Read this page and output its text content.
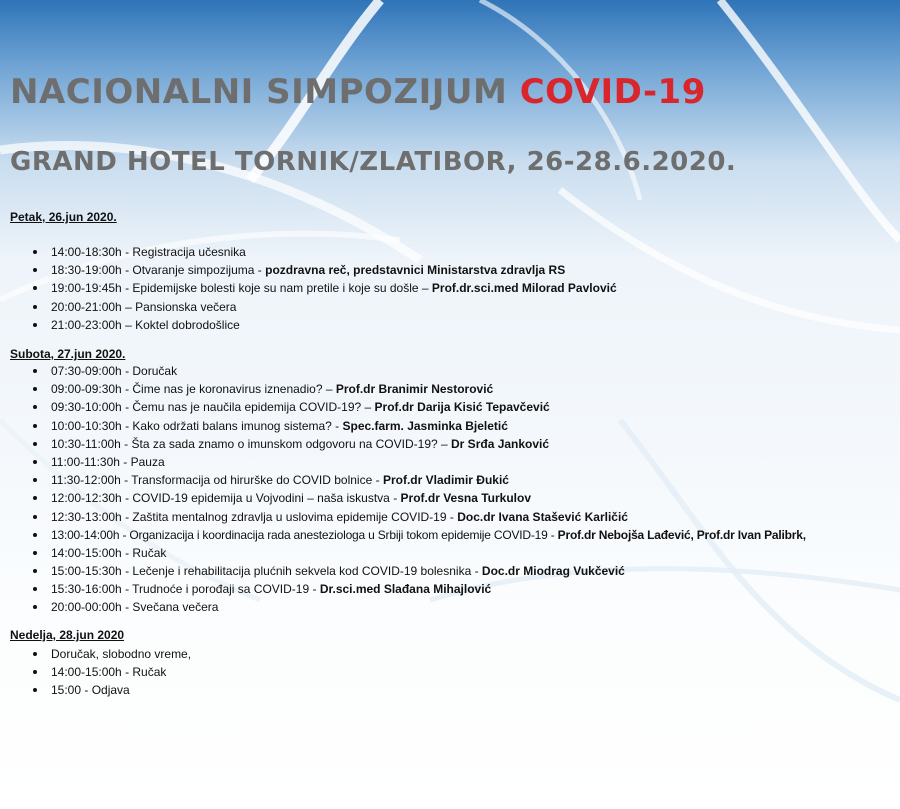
NACIONALNI SIMPOZIJUM COVID-19
GRAND HOTEL TORNIK/ZLATIBOR, 26-28.6.2020.

Petak, 26.jun 2020.

14:00-18:30h - Registracija učesnika
18:30-19:00h - Otvaranje simpozijuma - pozdravna reč, predstavnici Ministarstva zdravlja RS
19:00-19:45h - Epidemijske bolesti koje su nam pretile i koje su došle – Prof.dr.sci.med Milorad Pavlović
20:00-21:00h – Pansionska večera
21:00-23:00h – Koktel dobrodošlice

Subota, 27.jun 2020.

07:30-09:00h - Doručak
09:00-09:30h - Čime nas je koronavirus iznenadio? – Prof.dr Branimir Nestorović
09:30-10:00h - Čemu nas je naučila epidemija COVID-19? – Prof.dr Darija Kisić Tepavčević
10:00-10:30h - Kako održati balans imunog sistema? - Spec.farm. Jasminka Bjeletić
10:30-11:00h - Šta za sada znamo o imunskom odgovoru na COVID-19? – Dr Srđa Janković
11:00-11:30h - Pauza
11:30-12:00h - Transformacija od hirurške do COVID bolnice - Prof.dr Vladimir Đukić
12:00-12:30h - COVID-19 epidemija u Vojvodini – naša iskustva - Prof.dr Vesna Turkulov
12:30-13:00h - Zaštita mentalnog zdravlja u uslovima epidemije COVID-19 - Doc.dr Ivana Stašević Karličić
13:00-14:00h - Organizacija i koordinacija rada anesteziologa u Srbiji tokom epidemije COVID-19 - Prof.dr Nebojša Lađević, Prof.dr Ivan Palibrk,
14:00-15:00h - Ručak
15:00-15:30h - Lečenje i rehabilitacija plućnih sekvela kod COVID-19 bolesnika - Doc.dr Miodrag Vukčević
15:30-16:00h - Trudnoće i porođaji sa COVID-19 - Dr.sci.med Slađana Mihajlović
20:00-00:00h - Svečana večera

Nedelja, 28.jun 2020

Doručak, slobodno vreme,
14:00-15:00h - Ručak
15:00 - Odjava
